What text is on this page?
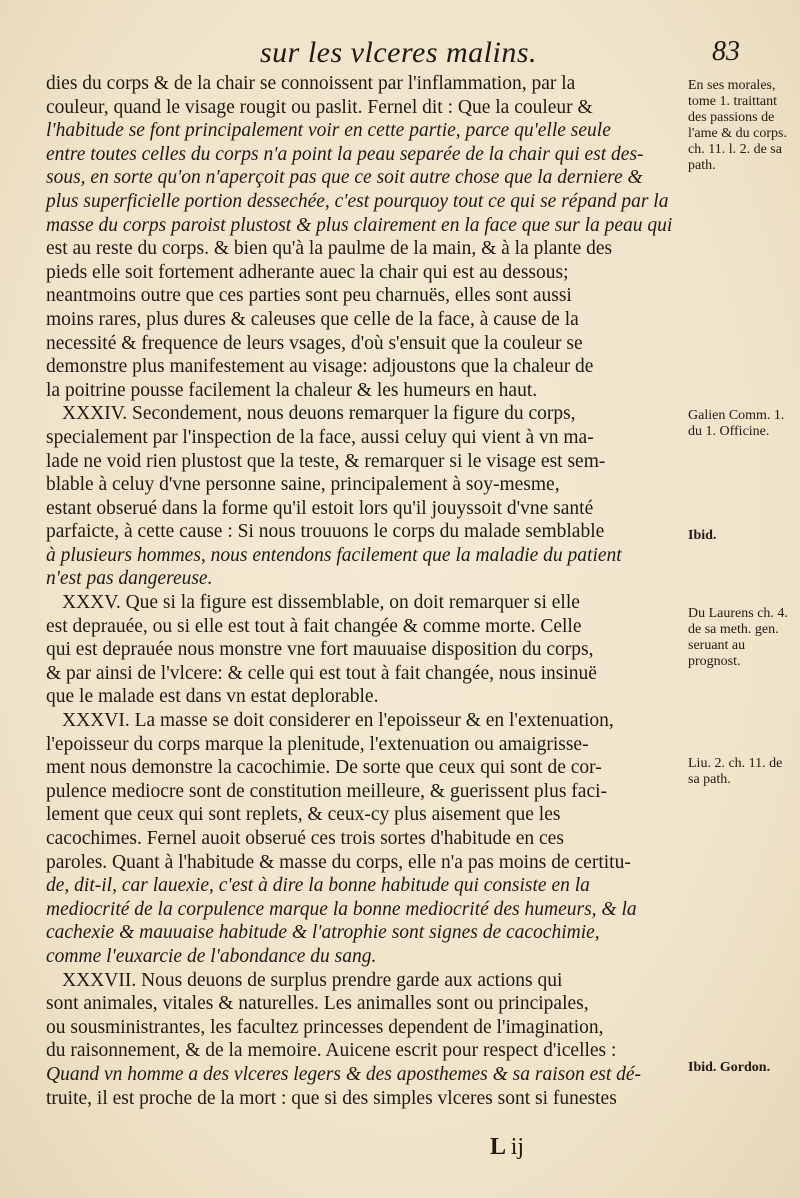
sur les vlceres malins.	83

dies du corps & de la chair se connoissent par l'inflammation, par la

couleur, quand le visage rougit ou paslit. Fernel dit : Que la couleur &

l'habitude se font principalement voir en cette partie, parce qu'elle seule

entre toutes celles du corps n'a point la peau separée de la chair qui est des-

sous, en sorte qu'on n'aperçoit pas que ce soit autre chose que la derniere &

plus superficielle portion dessechée, c'est pourquoy tout ce qui se répand par la

masse du corps paroist plustost & plus clairement en la face que sur la peau qui

est au reste du corps. & bien qu'à la paulme de la main, & à la plante des

pieds elle soit fortement adherante auec la chair qui est au dessous;

neantmoins outre que ces parties sont peu charnuës, elles sont aussi

moins rares, plus dures & caleuses que celle de la face, à cause de la

necessité & frequence de leurs vsages, d'où s'ensuit que la couleur se

demonstre plus manifestement au visage: adjoustons que la chaleur de

la poitrine pousse facilement la chaleur & les humeurs en haut.

XXXIV. Secondement, nous deuons remarquer la figure du corps,

specialement par l'inspection de la face, aussi celuy qui vient à vn ma-

lade ne void rien plustost que la teste, & remarquer si le visage est sem-

blable à celuy d'vne personne saine, principalement à soy-mesme,

estant obserué dans la forme qu'il estoit lors qu'il jouyssoit d'vne santé

parfaicte, à cette cause : Si nous trouuons le corps du malade semblable

à plusieurs hommes, nous entendons facilement que la maladie du patient

n'est pas dangereuse.

XXXV. Que si la figure est dissemblable, on doit remarquer si elle

est deprauée, ou si elle est tout à fait changée & comme morte. Celle

qui est deprauée nous monstre vne fort mauuaise disposition du corps,

& par ainsi de l'vlcere: & celle qui est tout à fait changée, nous insinuë

que le malade est dans vn estat deplorable.

XXXVI. La masse se doit considerer en l'epoisseur & en l'extenuation,

l'epoisseur du corps marque la plenitude, l'extenuation ou amaigrisse-

ment nous demonstre la cacochimie. De sorte que ceux qui sont de cor-

pulence mediocre sont de constitution meilleure, & guerissent plus faci-

lement que ceux qui sont replets, & ceux-cy plus aisement que les

cacochimes. Fernel auoit obserué ces trois sortes d'habitude en ces

paroles. Quant à l'habitude & masse du corps, elle n'a pas moins de certitu-

de, dit-il, car lauexie, c'est à dire la bonne habitude qui consiste en la

mediocrité de la corpulence marque la bonne mediocrité des humeurs, & la

cachexie & mauuaise habitude & l'atrophie sont signes de cacochimie,

comme l'euxarcie de l'abondance du sang.

XXXVII. Nous deuons de surplus prendre garde aux actions qui

sont animales, vitales & naturelles. Les animalles sont ou principales,

ou sousministrantes, les facultez princesses dependent de l'imagination,

du raisonnement, & de la memoire. Auicene escrit pour respect d'icelles :

Quand vn homme a des vlceres legers & des aposthemes & sa raison est dé-

truite, il est proche de la mort : que si des simples vlceres sont si funestes

En ses morales, tome 1. traittant des passions de l'ame & du corps. ch. 11. l. 2. de sa path.
Galien Comm. 1. du 1. Officine.
Ibid.
Du Laurens ch. 4. de sa meth. gen. seruant au prognost.
Liu. 2. ch. 11. de sa path.
Ibid. Gordon.
L ij
